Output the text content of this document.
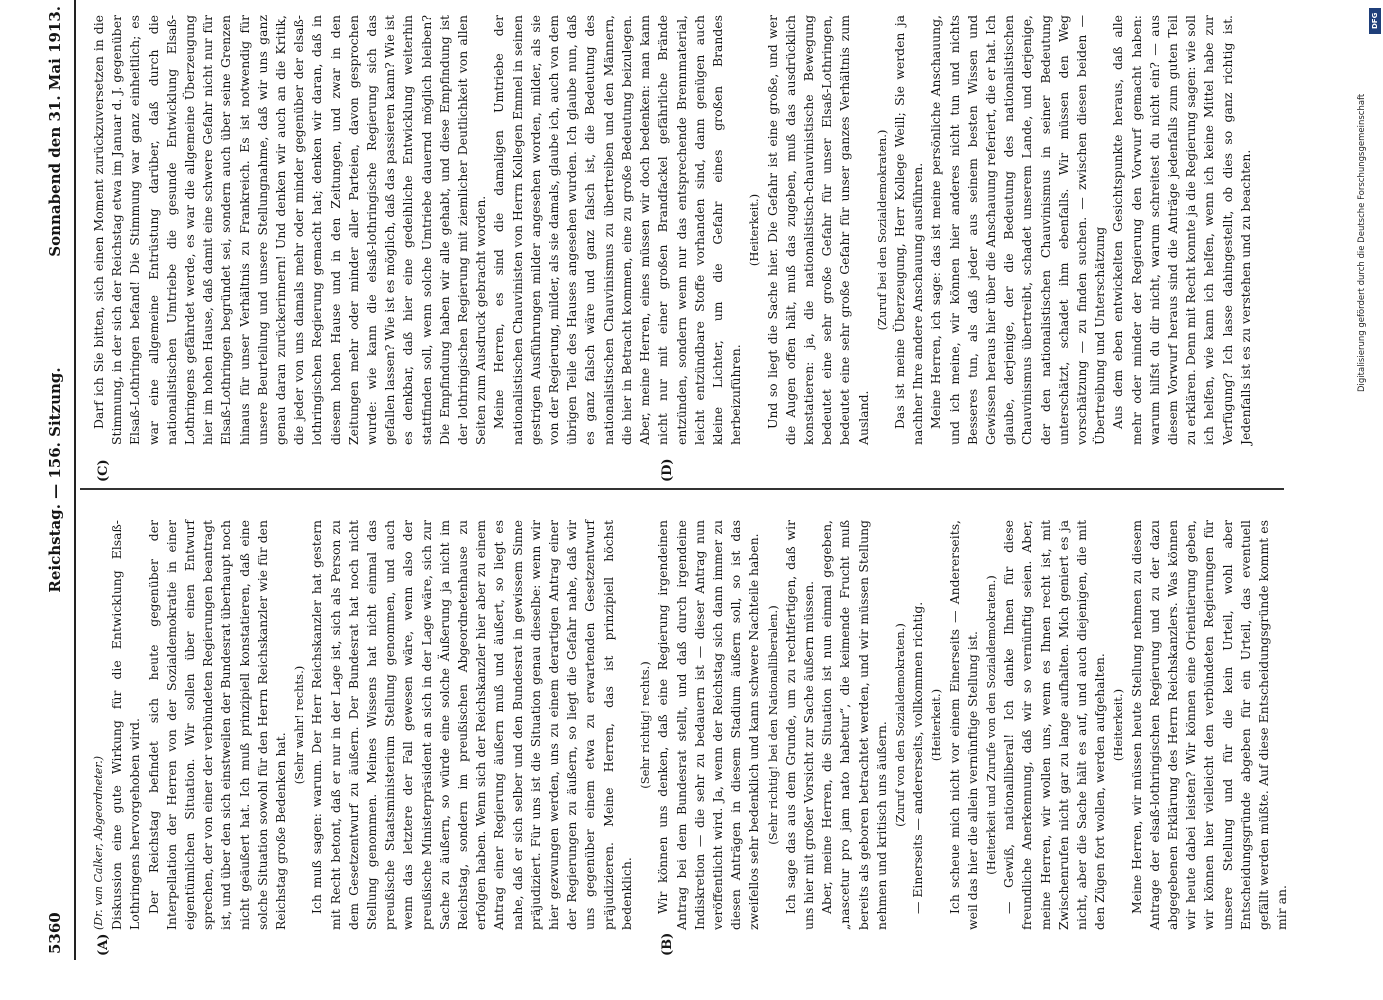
5360
Reichstag. — 156. Sitzung.
Sonnabend den 31. Mai 1913.
(A)	(B)
(C)	(D)

(Dr. van Calker, Abgeordneter.) Diskussion eine gute Wirkung für die Entwicklung Elsaß-Lothringens hervorgehoben wird. Der Reichstag befindet sich heute gegenüber der Interpellation der Herren von der Sozialdemokratie in einer eigentümlichen Situation. Wir sollen über einen Entwurf sprechen, der von einer der verbündeten Regierungen beantragt ist, und über den sich einstweilen der Bundesrat überhaupt noch nicht geäußert hat. Ich muß prinzipiell konstatieren, daß eine solche Situation sowohl für den Herrn Reichskanzler wie für den Reichstag große Bedenken hat.

(Sehr wahr! rechts.) Ich muß sagen: warum. Der Herr Reichskanzler hat gestern mit Recht betont, daß er nur in der Lage ist, sich als Person zu dem Gesetzentwurf zu äußern. Der Bundesrat hat noch nicht Stellung genommen. Meines Wissens hat nicht einmal das preußische Staatsministerium Stellung genommen, und auch wenn das letztere der Fall gewesen wäre, wenn also der preußische Ministerpräsident an sich in der Lage wäre, sich zur Sache zu äußern, so würde eine solche Äußerung ja nicht im Reichstag, sondern im preußischen Abgeordnetenhause zu erfolgen haben. Wenn sich der Reichskanzler hier aber zu einem Antrag einer Regierung äußern muß und äußert, so liegt es nahe, daß er sich selber und den Bundesrat in gewissem Sinne präjudiziert. Für uns ist die Situation genau dieselbe: wenn wir hier gezwungen werden, uns zu einem derartigen Antrag einer der Regierungen zu äußern, so liegt die Gefahr nahe, daß wir uns gegenüber einem etwa zu erwartenden Gesetzentwurf präjudizieren. Meine Herren, das ist prinzipiell höchst bedenklich.

(Sehr richtig! rechts.) Wir können uns denken, daß eine Regierung irgendeinen Antrag bei dem Bundesrat stellt, und daß durch irgendeine Indiskretion — die sehr zu bedauern ist — dieser Antrag nun veröffentlicht wird. Ja, wenn der Reichstag sich dann immer zu diesen Anträgen in diesem Stadium äußern soll, so ist das zweifellos sehr bedenklich und kann schwere Nachteile haben. (Sehr richtig! bei den Nationalliberalen.) Ich sage das aus dem Grunde, um zu rechtfertigen, daß wir uns hier mit großer Vorsicht zur Sache äußern müssen. Aber, meine Herren, die Situation ist nun einmal gegeben, „nascetur pro jam nato habetur“, die keimende Frucht muß bereits als geboren betrachtet werden, und wir müssen Stellung nehmen und kritisch uns äußern. (Zuruf von den Sozialdemokraten.) — Einerseits — andererseits, vollkommen richtig. (Heiterkeit.) Ich scheue mich nicht vor einem Einerseits — Andererseits, weil das hier die allein vernünftige Stellung ist. (Heiterkeit und Zurufe von den Sozialdemokraten.) — Gewiß, nationalliberal! Ich danke Ihnen für diese freundliche Anerkennung, daß wir so vernünftig seien. Aber, meine Herren, wir wollen uns, wenn es Ihnen recht ist, mit Zwischenrufen nicht gar zu lange aufhalten. Mich geniert es ja nicht, aber die Sache hält es auf, und auch diejenigen, die mit den Zügen fort wollen, werden aufgehalten. (Heiterkeit.) Meine Herren, wir müssen heute Stellung nehmen zu diesem Antrage der elsaß-lothringischen Regierung und zu der dazu abgegebenen Erklärung des Herrn Reichskanzlers. Was können wir heute dabei leisten? Wir können eine Orientierung geben, wir können hier vielleicht den verbündeten Regierungen für unsere Stellung und für die kein Urteil, wohl aber Entscheidungsgründe abgeben für ein Urteil, das eventuell gefällt werden müßte. Auf diese Entscheidungsgründe kommt es mir an.

Darf ich Sie bitten, sich einen Moment zurückzuversetzen in die Stimmung, in der sich der Reichstag etwa im Januar d. J. gegenüber Elsaß-Lothringen befand! Die Stimmung war ganz einheitlich; es war eine allgemeine Entrüstung darüber, daß durch die nationalistischen Umtriebe die gesunde Entwicklung Elsaß-Lothringens gefährdet werde, es war die allgemeine Überzeugung hier im hohen Hause, daß damit eine schwere Gefahr nicht nur für Elsaß-Lothringen begründet sei, sondern auch über seine Grenzen hinaus für unser Verhältnis zu Frankreich. Es ist notwendig für unsere Beurteilung und unsere Stellungnahme, daß wir uns ganz genau daran zurückerinnern! Und denken wir auch an die Kritik, die jeder von uns damals mehr oder minder gegenüber der elsaß-lothringischen Regierung gemacht hat; denken wir daran, daß in diesem hohen Hause und in den Zeitungen, und zwar in den Zeitungen mehr oder minder aller Parteien, davon gesprochen wurde: wie kann die elsaß-lothringische Regierung sich das gefallen lassen? Wie ist es möglich, daß das passieren kann? Wie ist es denkbar, daß hier eine gedeihliche Entwicklung weiterhin stattfinden soll, wenn solche Umtriebe dauernd möglich bleiben? Die Empfindung haben wir alle gehabt, und diese Empfindung ist der lothringischen Regierung mit ziemlicher Deutlichkeit von allen Seiten zum Ausdruck gebracht worden. Meine Herren, es sind die damaligen Umtriebe der nationalistischen Chauvinisten von Herrn Kollegen Emmel in seinen gestrigen Ausführungen milder angesehen worden, milder, als sie von der Regierung, milder, als sie damals, glaube ich, auch von dem übrigen Teile des Hauses angesehen wurden. Ich glaube nun, daß es ganz falsch wäre und ganz falsch ist, die Bedeutung des nationalistischen Chauvinismus zu übertreiben und den Männern, die hier in Betracht kommen, eine zu große Bedeutung beizulegen. Aber, meine Herren, eines müssen wir doch bedenken: man kann nicht nur mit einer großen Brandfackel gefährliche Brände entzünden, sondern wenn nur das entsprechende Brennmaterial, leicht entzündbare Stoffe vorhanden sind, dann genügen auch kleine Lichter, um die Gefahr eines großen Brandes herbeizuführen.

(Heiterkeit.) Und so liegt die Sache hier. Die Gefahr ist eine große, und wer die Augen offen hält, muß das zugeben, muß das ausdrücklich konstatieren: ja, die nationalistisch-chauvinistische Bewegung bedeutet eine sehr große Gefahr für unser Elsaß-Lothringen, bedeutet eine sehr große Gefahr für unser ganzes Verhältnis zum Ausland.

(Zuruf bei den Sozialdemokraten.) Das ist meine Überzeugung, Herr Kollege Weill; Sie werden ja nachher Ihre andere Anschauung ausführen. Meine Herren, ich sage: das ist meine persönliche Anschauung, und ich meine, wir können hier anderes nicht tun und nichts Besseres tun, als daß jeder aus seinem besten Wissen und Gewissen heraus hier über die Anschauung referiert, die er hat. Ich glaube, derjenige, der die Bedeutung des nationalistischen Chauvinismus übertreibt, schadet unserem Lande, und derjenige, der den nationalistischen Chauvinismus in seiner Bedeutung unterschätzt, schadet ihm ebenfalls. Wir müssen den Weg vorschätzung — zu finden suchen. — zwischen diesen beiden — Übertreibung und Unterschätzung Aus dem eben entwickelten Gesichtspunkte heraus, daß alle mehr oder minder der Regierung den Vorwurf gemacht haben: warum hilfst du dir nicht, warum schreitest du nicht ein? — aus diesem Vorwurf heraus sind die Anträge jedenfalls zum guten Teil zu erklären. Denn mit Recht konnte ja die Regierung sagen: wie soll ich helfen, wie kann ich helfen, wenn ich keine Mittel habe zur Verfügung? Ich lasse dahingestellt, ob dies so ganz richtig ist. Jedenfalls ist es zu verstehen und zu beachten.

DFG
Digitalisierung gefördert durch die Deutsche Forschungsgemeinschaft
